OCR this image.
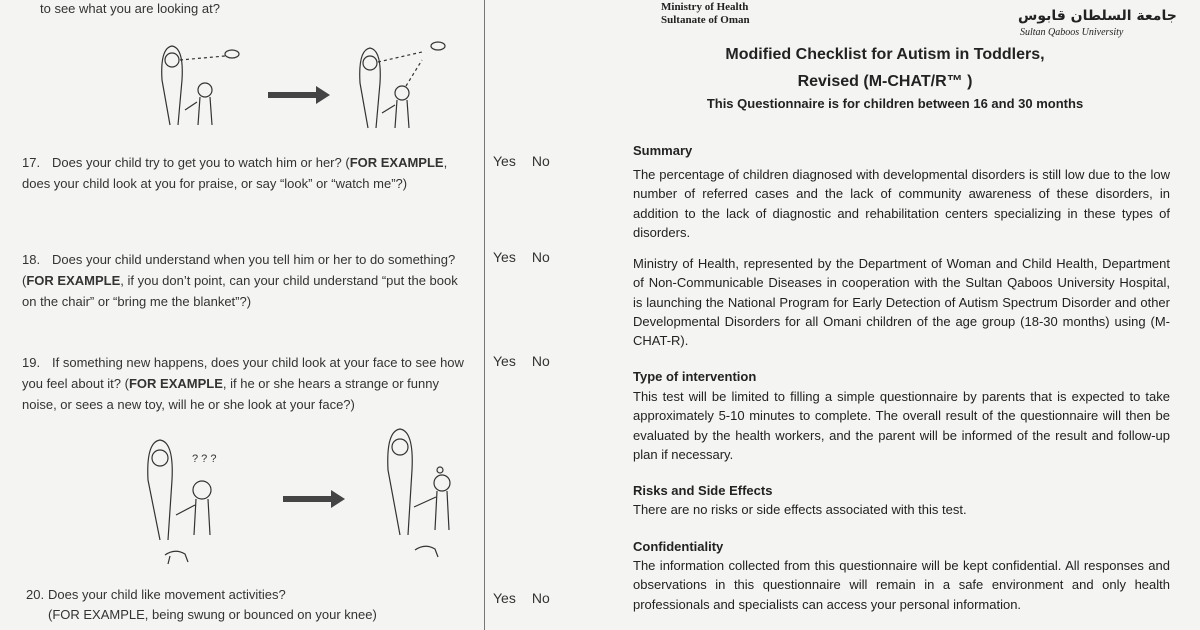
to see what you are looking at?
17. Does your child try to get you to watch him or her? (FOR EXAMPLE, does your child look at you for praise, or say “look” or “watch me”?)
Yes No
18. Does your child understand when you tell him or her to do something? (FOR EXAMPLE, if you don’t point, can your child understand “put the book on the chair” or “bring me the blanket”?)
Yes No
19. If something new happens, does your child look at your face to see how you feel about it? (FOR EXAMPLE, if he or she hears a strange or funny noise, or sees a new toy, will he or she look at your face?)
Yes No
? ? ?
20. Does your child like movement activities?
(FOR EXAMPLE, being swung or bounced on your knee)
Yes No
Ministry of Health
Sultanate of Oman	جامعة السلطان قابوس
Sultan Qaboos University
Modified Checklist for Autism in Toddlers,
Revised (M-CHAT/R™ )
This Questionnaire is for children between 16 and 30 months
Summary
The percentage of children diagnosed with developmental disorders is still low due to the low number of referred cases and the lack of community awareness of these disorders, in addition to the lack of diagnostic and rehabilitation centers specializing in these types of disorders.
Ministry of Health, represented by the Department of Woman and Child Health, Department of Non-Communicable Diseases in cooperation with the Sultan Qaboos University Hospital, is launching the National Program for Early Detection of Autism Spectrum Disorder and other Developmental Disorders for all Omani children of the age group (18-30 months) using (M-CHAT-R).
Type of intervention
This test will be limited to filling a simple questionnaire by parents that is expected to take approximately 5-10 minutes to complete. The overall result of the questionnaire will then be evaluated by the health workers, and the parent will be informed of the result and follow-up plan if necessary.
Risks and Side Effects
There are no risks or side effects associated with this test.
Confidentiality
The information collected from this questionnaire will be kept confidential. All responses and observations in this questionnaire will remain in a safe environment and only health professionals and specialists can access your personal information.
